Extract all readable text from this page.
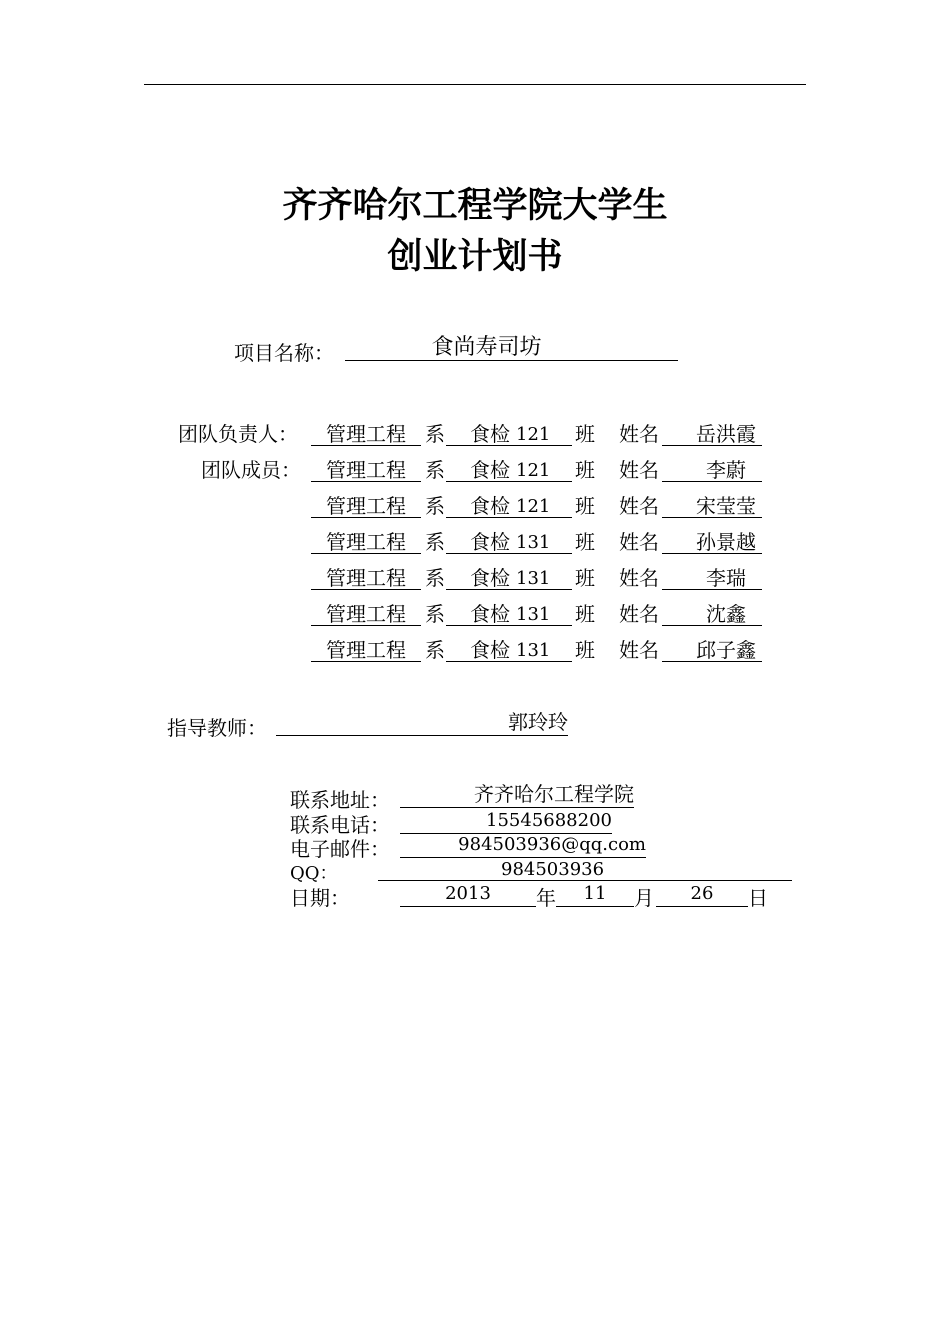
齐齐哈尔工程学院大学生
创业计划书
项目名称：	食尚寿司坊
团队负责人：	管理工程 系 食检 121 班 姓名 岳洪霞
团队成员：	管理工程 系 食检 121 班 姓名 李蔚
管理工程 系 食检 121 班 姓名 宋莹莹
管理工程 系 食检 131 班 姓名 孙景越
管理工程 系 食检 131 班 姓名 李瑞
管理工程 系 食检 131 班 姓名 沈鑫
管理工程 系 食检 131 班 姓名 邱子鑫
指导教师：	郭玲玲
联系地址：	齐齐哈尔工程学院
联系电话：	15545688200
电子邮件：	984503936@qq.com
QQ：	984503936
日期：	2013	年	11	月	26	日
